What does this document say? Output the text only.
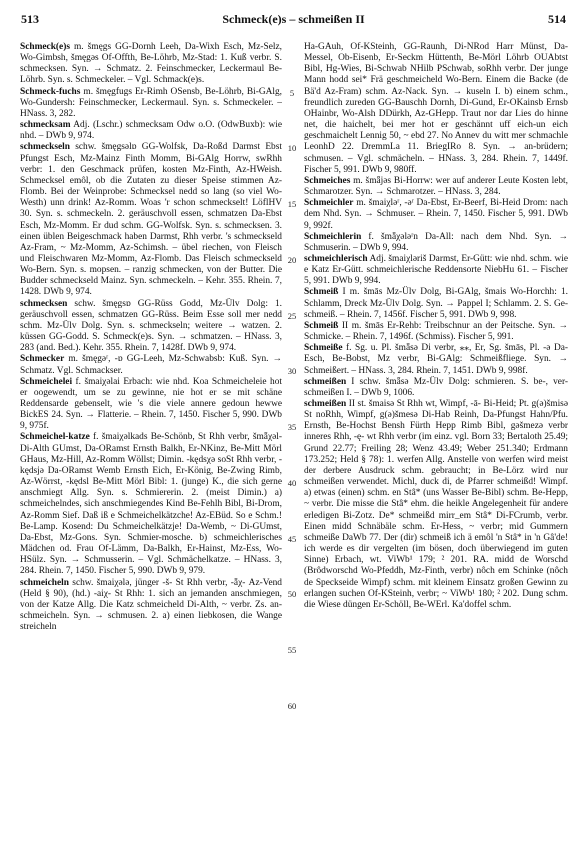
513	Schmeck(e)s – schmeißen II	514

Schmeck(e)s m. šmęgs GG-Dornh Leeh, Da-Wixh Esch, Mz-Selz, Wo-Gimbsh, šmęgəs Of-Offth, Be-Löhrb, Mz-Stad: 1. Kuß verbr. S. schmecksen. Syn. → Schmatz. 2. Feinschmecker, Leckermaul Be-Löhrb. Syn. s. Schmeckeler. – Vgl. Schmack(e)s.

Schmeck-fuchs m. šmęgfugs Er-Rimh OSensb, Be-Löhrb, Bi-GAlg, Wo-Gundersh: Feinschmecker, Leckermaul. Syn. s. Schmeckeler. – HNass. 3, 282.

schmecksam Adj. (Lschr.) schmecksam Odw o.O. (OdwBuxb): wie nhd. – DWb 9, 974.

schmeckseln schw. šmęgsəlɒ GG-Wolfsk, Da-Roßd Darmst Ebst Pfungst Esch, Mz-Mainz Finth Momm, Bi-GAlg Horrw, swRhh verbr: 1. den Geschmack prüfen, kosten Mz-Finth, Az-HWeish. Schmecksel emôl, ob die Zutaten zu dieser Speise stimmen Az-Flomb. Bei der Weinprobe: Schmecksel nedd so lang (so viel Wo-Westh) unn drink! Az-Romm. Woas 'r schon schmeckselt! LöflHV 30. Syn. s. schmeckeln. 2. geräuschvoll essen, schmatzen Da-Ebst Esch, Mz-Momm. Er dud schm. GG-Wolfsk. Syn. s. schmecksen. 3. einen üblen Beigeschmack haben Darmst, Rhh verbr. 's schmeckseld Az-Fram, ~ Mz-Momm, Az-Schimsh. – übel riechen, von Fleisch und Fleischwaren Mz-Momm, Az-Flomb. Das Fleisch schmeckseld Wo-Bern. Syn. s. mopsen. – ranzig schmecken, von der Butter. Die Budder schmeckseld Mainz. Syn. schmeckeln. – Kehr. 355. Rhein. 7, 1428. DWb 9, 974.

schmecksen schw. šmęgsɒ GG-Rüss Godd, Mz-Ülv Dolg: 1. geräuschvoll essen, schmatzen GG-Rüss. Beim Esse soll mer nedd schm. Mz-Ülv Dolg. Syn. s. schmeckseln; weitere → watzen. 2. küssen GG-Godd. S. Schmeck(e)s. Syn. → schmatzen. – HNass. 3, 283 (and. Bed.). Kehr. 355. Rhein. 7, 1428f. DWb 9, 974.

Schmecker m. šmęgəʳ, -ɒ GG-Leeh, Mz-Schwabsb: Kuß. Syn. → Schmatz. Vgl. Schmackser.

Schmeichelei f. šmaiχəlai Erbach: wie nhd. Koa Schmeicheleie hot er oogewendt, um se zu gewinne, nie hot er se mit schäne Reddensarde gebenselt, wie 's die viele annere gedoun hewwe BickES 24. Syn. → Flatterie. – Rhein. 7, 1450. Fischer 5, 990. DWb 9, 975f.

Schmeichel-katze f. šmaiχəlkads Be-Schönb, St Rhh verbr, šmǟχəl- Di-Alth GUmst, Da-ORamst Ernsth Balkh, Er-NKinz, Be-Mitt Mörl GHaus, Mz-Hill, Az-Romm Wöllst; Dimin. -kędsχə soSt Rhh verbr, -kędsjə Da-ORamst Wemb Ernsth Eich, Er-König, Be-Zwing Rimb, Az-Wörrst, -kędsl Be-Mitt Mörl Bibl: 1. (junge) K., die sich gerne anschmiegt Allg. Syn. s. Schmiererin. 2. (meist Dimin.) a) schmeichelndes, sich anschmiegendes Kind Be-Fehlh Bibl, Bi-Drom, Az-Romm Sief. Daß iß e Schmeichelkätzche! Az-EBüd. So e Schm.! Be-Lamp. Kosend: Du Schmeichelkätzje! Da-Wemb, ~ Di-GUmst, Da-Ebst, Mz-Gons. Syn. Schmier-mosche. b) schmeichlerisches Mädchen od. Frau Of-Lämm, Da-Balkh, Er-Hainst, Mz-Ess, Wo-HSülz. Syn. → Schmusserin. – Vgl. Schmächelkatze. – HNass. 3, 284. Rhein. 7, 1450. Fischer 5, 990. DWb 9, 979.

schmeicheln schw. šmaiχələ, jünger -š- St Rhh verbr, -ǟχ- Az-Vend (Held § 90), (hd.) -aiχ- St Rhh: 1. sich an jemanden anschmiegen, von der Katze Allg. Die Katz schmeicheld Di-Alth, ~ verbr. Zs. an-schmeicheln. Syn. → schmusen. 2. a) einen liebkosen, die Wange streicheln

5
10
15
20
25
30
35
40
45
50
55
60

Ha-GAuh, Of-KSteinh, GG-Raunh, Di-NRod Harr Münst, Da-Messel, Ob-Eisenb, Er-Seckm Hüttenth, Be-Mörl Löhrb OUAbtst Bibl, Hg-Wies, Bi-Schwab NHilb PSchwab, soRhh verbr. Der junge Mann hodd sei* Frä geschmeicheld Wo-Bern. Einem die Backe (de Bä'd Az-Fram) schm. Az-Nack. Syn. → kuseln I. b) einem schm., freundlich zureden GG-Bauschh Dornh, Di-Gund, Er-OKainsb Ernsb OHainbr, Wo-Alsh DDürkh, Az-GHepp. Traut nor dar Lies do hinne net, die haichelt, bei mer hot er geschännt uff eich-un eich geschmaichelt Lennig 50, ~ ebd 27. No Annev du witt mer schmachle LeonhD 22. DremmLa 11. BriegIRo 8. Syn. → an-brüdern; schmusen. – Vgl. schmächeln. – HNass. 3, 284. Rhein. 7, 1449f. Fischer 5, 991. DWb 9, 980ff.

Schmeiches m. šmǟjəs Bi-Horrw: wer auf anderer Leute Kosten lebt, Schmarotzer. Syn. → Schmarotzer. – HNass. 3, 284.

Schmeichler m. šmaiχləʳ, -əʳ Da-Ebst, Er-Beerf, Bi-Heid Drom: nach dem Nhd. Syn. → Schmuser. – Rhein. 7, 1450. Fischer 5, 991. DWb 9, 992f.

Schmeichlerin f. šmǟχələʳn Da-All: nach dem Nhd. Syn. → Schmuserin. – DWb 9, 994.

schmeichlerisch Adj. šmaiχləriš Darmst, Er-Gütt: wie nhd. schm. wie e Katz Er-Gütt. schmeichlerische Reddensorte NiebHu 61. – Fischer 5, 991. DWb 9, 994.

Schmeiß I m. šmās Mz-Ülv Dolg, Bi-GAlg, šmais Wo-Horchh: 1. Schlamm, Dreck Mz-Ülv Dolg. Syn. → Pappel I; Schlamm. 2. S. Ge-schmeiß. – Rhein. 7, 1456f. Fischer 5, 991. DWb 9, 998.

Schmeiß II m. šmās Er-Rehb: Treibschnur an der Peitsche. Syn. → Schmicke. – Rhein. 7, 1496f. (Schmiss). Fischer 5, 991.

Schmeiße f. Sg. u. Pl. šmǟsə Di verbr, ⁎⁎, Er, Sg. šmās, Pl. -ə Da-Esch, Be-Bobst, Mz verbr, Bi-GAlg: Schmeißfliege. Syn. → Schmeißert. – HNass. 3, 284. Rhein. 7, 1451. DWb 9, 998f.

schmeißen I schw. šmǟsə Mz-Ülv Dolg: schmieren. S. be-, ver-schmeißen I. – DWb 9, 1006.

schmeißen II st. šmaisə St Rhh wt, Wimpf, -ā- Bi-Heid; Pt. g(ə)šmisə St noRhh, Wimpf, g(ə)šmesə Di-Hab Reinh, Da-Pfungst Hahn/Pfu. Ernsth, Be-Hochst Bensh Fürth Hepp Rimb Bibl, gəšmezə verbr inneres Rhh, -ę- wt Rhh verbr (im einz. vgl. Born 33; Bertaloth 25.49; Grund 22.77; Freiling 28; Wenz 43.49; Weber 251.340; Erdmann 173.252; Held § 78): 1. werfen Allg. Anstelle von werfen wird meist der derbere Ausdruck schm. gebraucht; in Be-Lörz wird nur schmeißen verwendet. Michl, duck di, de Pfarrer schmeißd! Wimpf. a) etwas (einen) schm. en Stâ* (uns Wasser Be-Bibl) schm. Be-Hepp, ~ verbr. Die misse die Stâ* ehm. die heikle Angelegenheit für andere erledigen Bi-Zotz. De* schmeißd mirr_em Stâ* Di-FCrumb, verbr. Einen midd Schnäbäle schm. Er-Hess, ~ verbr; mid Gummern schmeiße DaWb 77. Der (dir) schmeiß ich ä emôl 'n Stâ* in 'n Gâ'de! ich werde es dir vergelten (im bösen, doch überwiegend im guten Sinne) Erbach, wt. ViWb¹ 179; ² 201. RA. midd de Worschd (Brôdworschd Wo-Pfeddh, Mz-Finth, verbr) nôch em Schinke (nôch de Speckseide Wimpf) schm. mit kleinem Einsatz großen Gewinn zu erlangen suchen Of-KSteinh, verbr; ~ ViWb¹ 180; ² 202. Dung schm. die Wiese düngen Er-Schöll, Be-WErl. Ka'doffel schm.
